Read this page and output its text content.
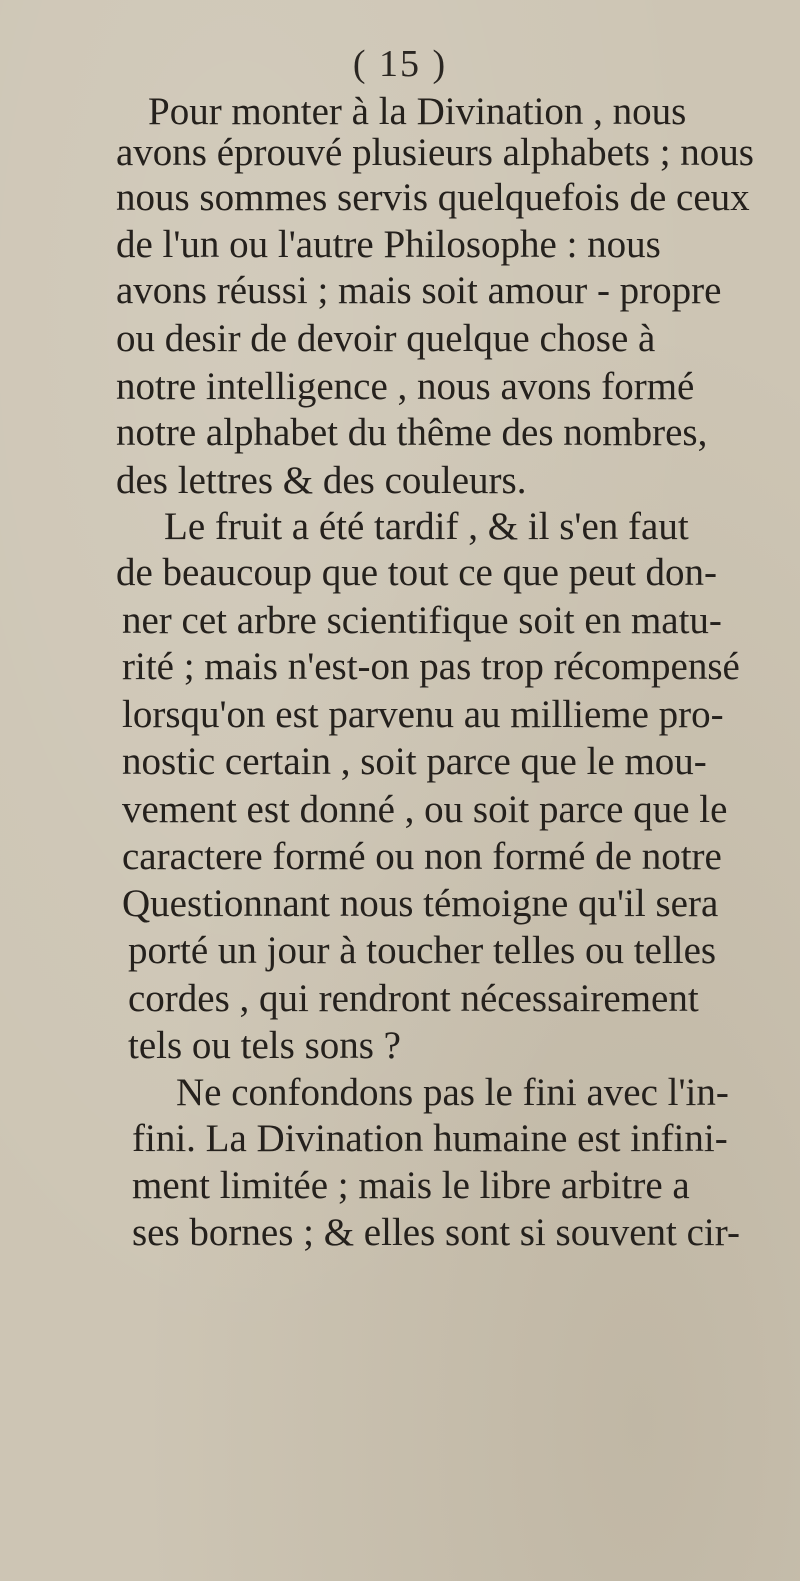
( 15 )
Pour monter à la Divination , nous
avons éprouvé plusieurs alphabets ; nous
nous sommes servis quelquefois de ceux
de l'un ou l'autre Philosophe : nous
avons réussi ; mais soit amour - propre
ou desir de devoir quelque chose à
notre intelligence , nous avons formé
notre alphabet du thême des nombres,
des lettres & des couleurs.
Le fruit a été tardif , & il s'en faut
de beaucoup que tout ce que peut don-
ner cet arbre scientifique soit en matu-
rité ; mais n'est-on pas trop récompensé
lorsqu'on est parvenu au millieme pro-
nostic certain , soit parce que le mou-
vement est donné , ou soit parce que le
caractere formé ou non formé de notre
Questionnant nous témoigne qu'il sera
porté un jour à toucher telles ou telles
cordes , qui rendront nécessairement
tels ou tels sons ?
Ne confondons pas le fini avec l'in-
fini. La Divination humaine est infini-
ment limitée ; mais le libre arbitre a
ses bornes ; & elles sont si souvent cir-
